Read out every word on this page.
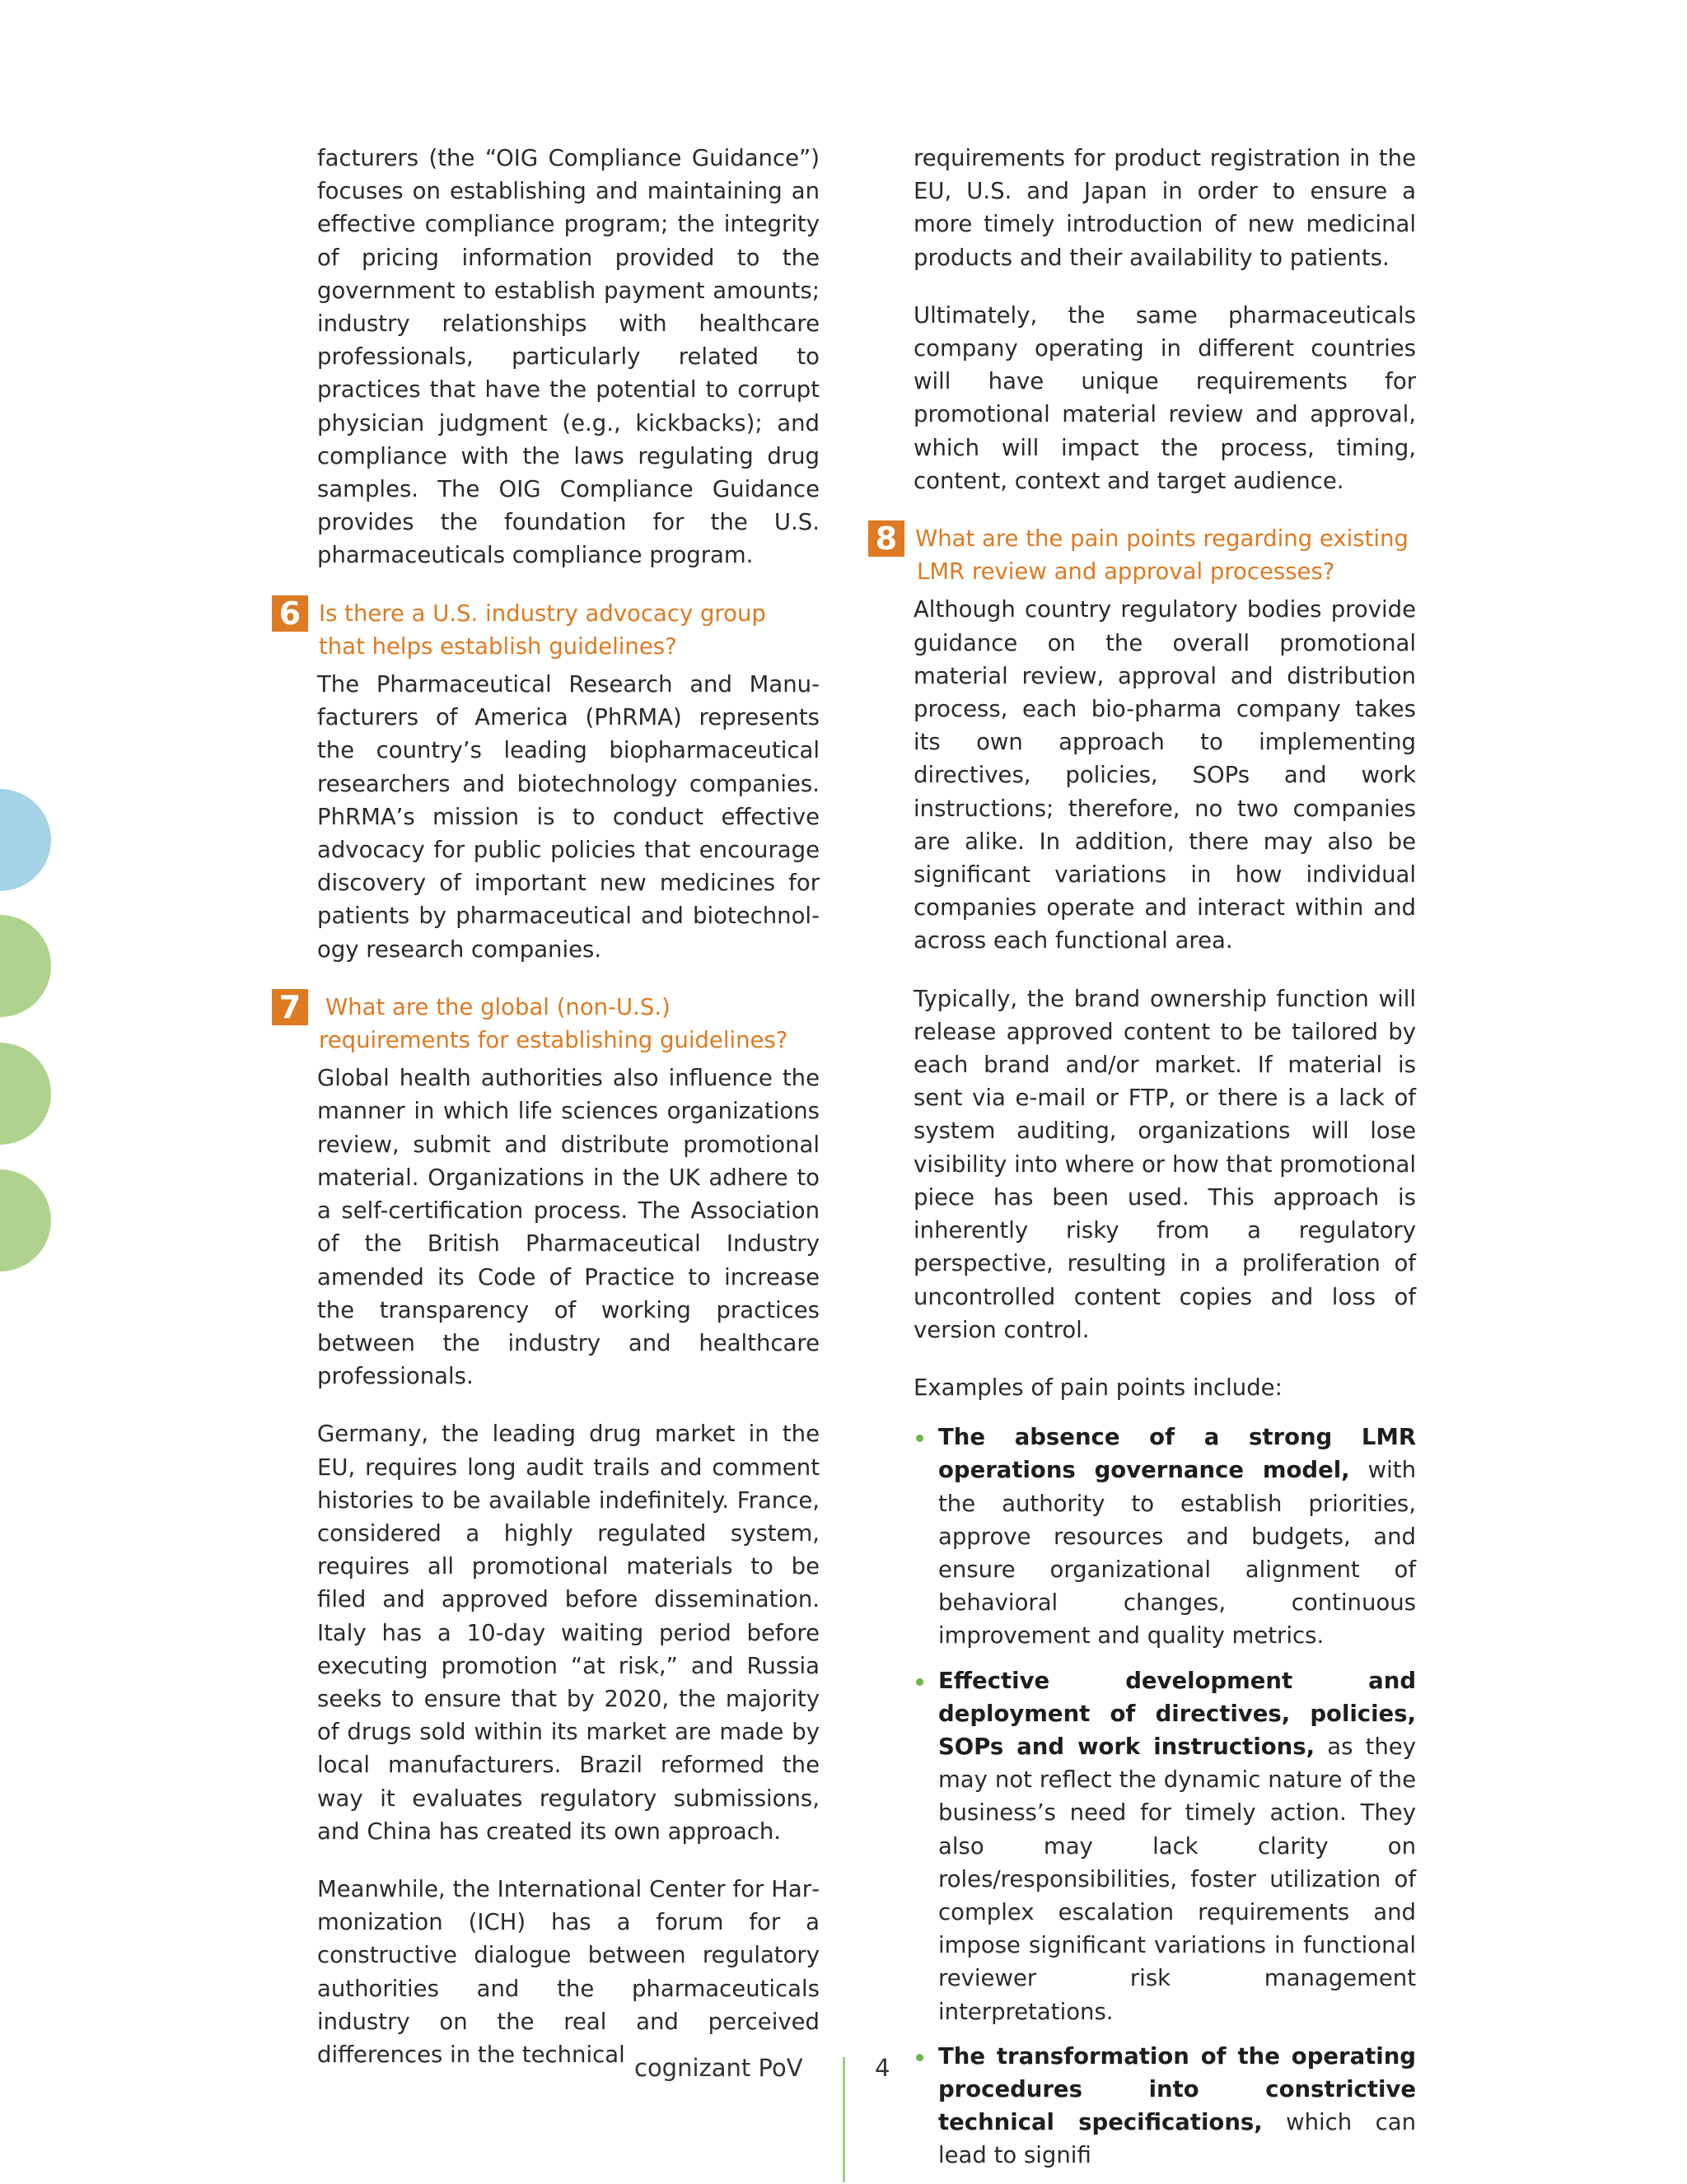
facturers (the “OIG Compliance Guidance”) focuses on establishing and maintaining an effective compliance program; the integrity of pricing information provided to the government to establish payment amounts; industry relationships with healthcare professionals, particularly related to practices that have the potential to corrupt physician judgment (e.g., kickbacks); and compliance with the laws regulating drug samples. The OIG Compliance Guidance provides the foundation for the U.S. pharmaceuticals compliance program.

6 Is there a U.S. industry advocacy group
that helps establish guidelines?

The Pharmaceutical Research and Manufacturers of America (PhRMA) represents the country’s leading biopharmaceutical researchers and biotechnology companies. PhRMA’s mission is to conduct effective advocacy for public policies that encourage discovery of important new medicines for patients by pharmaceutical and biotechnology research companies.

7	What are the global (non-U.S.)
requirements for establishing guidelines?

Global health authorities also influence the manner in which life sciences organizations review, submit and distribute promotional material. Organizations in the UK adhere to a self-certification process. The Association of the British Pharmaceutical Industry amended its Code of Practice to increase the transparency of working practices between the industry and healthcare professionals.

Germany, the leading drug market in the EU, requires long audit trails and comment histories to be available indefinitely. France, considered a highly regulated system, requires all promotional materials to be filed and approved before dissemination. Italy has a 10-day waiting period before executing promotion “at risk,” and Russia seeks to ensure that by 2020, the majority of drugs sold within its market are made by local manufacturers. Brazil reformed the way it evaluates regulatory submissions, and China has created its own approach.

Meanwhile, the International Center for Harmonization (ICH) has a forum for a constructive dialogue between regulatory authorities and the pharmaceuticals industry on the real and perceived differences in the technical

requirements for product registration in the EU, U.S. and Japan in order to ensure a more timely introduction of new medicinal products and their availability to patients.

Ultimately, the same pharmaceuticals company operating in different countries will have unique requirements for promotional material review and approval, which will impact the process, timing, content, context and target audience.

8 What are the pain points regarding existing
LMR review and approval processes?

Although country regulatory bodies provide guidance on the overall promotional material review, approval and distribution process, each bio-pharma company takes its own approach to implementing directives, policies, SOPs and work instructions; therefore, no two companies are alike. In addition, there may also be significant variations in how individual companies operate and interact within and across each functional area.

Typically, the brand ownership function will release approved content to be tailored by each brand and/or market. If material is sent via e-mail or FTP, or there is a lack of system auditing, organizations will lose visibility into where or how that promotional piece has been used. This approach is inherently risky from a regulatory perspective, resulting in a proliferation of uncontrolled content copies and loss of version control.

Examples of pain points include:

The absence of a strong LMR operations governance model, with the authority to establish priorities, approve resources and budgets, and ensure organizational alignment of behavioral changes, continuous improvement and quality metrics.
Effective development and deployment of directives, policies, SOPs and work instructions, as they may not reflect the dynamic nature of the business’s need for timely action. They also may lack clarity on roles/responsibilities, foster utilization of complex escalation requirements and impose significant variations in functional reviewer risk management interpretations.
The transformation of the operating procedures into constrictive technical specifications, which can lead to signifi
cognizant PoV	4
